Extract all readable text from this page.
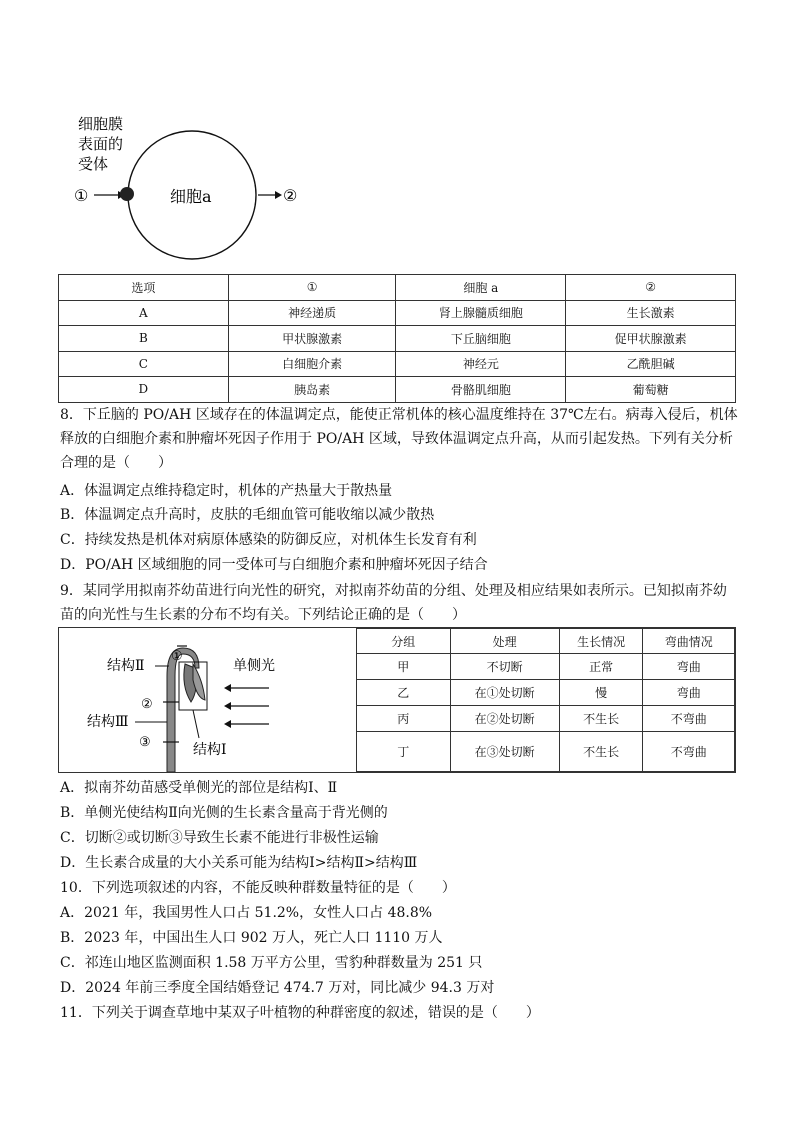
细胞膜
表面的
受体
①	细胞a	②
选项	①	细胞 a	②
A	神经递质	肾上腺髓质细胞	生长激素
B	甲状腺激素	下丘脑细胞	促甲状腺激素
C	白细胞介素	神经元	乙酰胆碱
D	胰岛素	骨骼肌细胞	葡萄糖
8．下丘脑的 PO/AH 区域存在的体温调定点，能使正常机体的核心温度维持在 37℃左右。病毒入侵后，机体释放的白细胞介素和肿瘤坏死因子作用于 PO/AH 区域，导致体温调定点升高，从而引起发热。下列有关分析合理的是（　　）
A．体温调定点维持稳定时，机体的产热量大于散热量
B．体温调定点升高时，皮肤的毛细血管可能收缩以减少散热
C．持续发热是机体对病原体感染的防御反应，对机体生长发育有利
D．PO/AH 区域细胞的同一受体可与白细胞介素和肿瘤坏死因子结合
9．某同学用拟南芥幼苗进行向光性的研究，对拟南芥幼苗的分组、处理及相应结果如表所示。已知拟南芥幼苗的向光性与生长素的分布不均有关。下列结论正确的是（　　）
①
结构Ⅱ
②
结构Ⅲ
③	结构Ⅰ
单侧光
分组	处理	生长情况	弯曲情况
甲	不切断	正常	弯曲
乙	在①处切断	慢	弯曲
丙	在②处切断	不生长	不弯曲
丁	在③处切断	不生长	不弯曲
A．拟南芥幼苗感受单侧光的部位是结构Ⅰ、Ⅱ
B．单侧光使结构Ⅱ向光侧的生长素含量高于背光侧的
C．切断②或切断③导致生长素不能进行非极性运输
D．生长素合成量的大小关系可能为结构Ⅰ>结构Ⅱ>结构Ⅲ
10．下列选项叙述的内容，不能反映种群数量特征的是（　　）
A．2021 年，我国男性人口占 51.2%，女性人口占 48.8%
B．2023 年，中国出生人口 902 万人，死亡人口 1110 万人
C．祁连山地区监测面积 1.58 万平方公里，雪豹种群数量为 251 只
D．2024 年前三季度全国结婚登记 474.7 万对，同比减少 94.3 万对
11．下列关于调查草地中某双子叶植物的种群密度的叙述，错误的是（　　）
